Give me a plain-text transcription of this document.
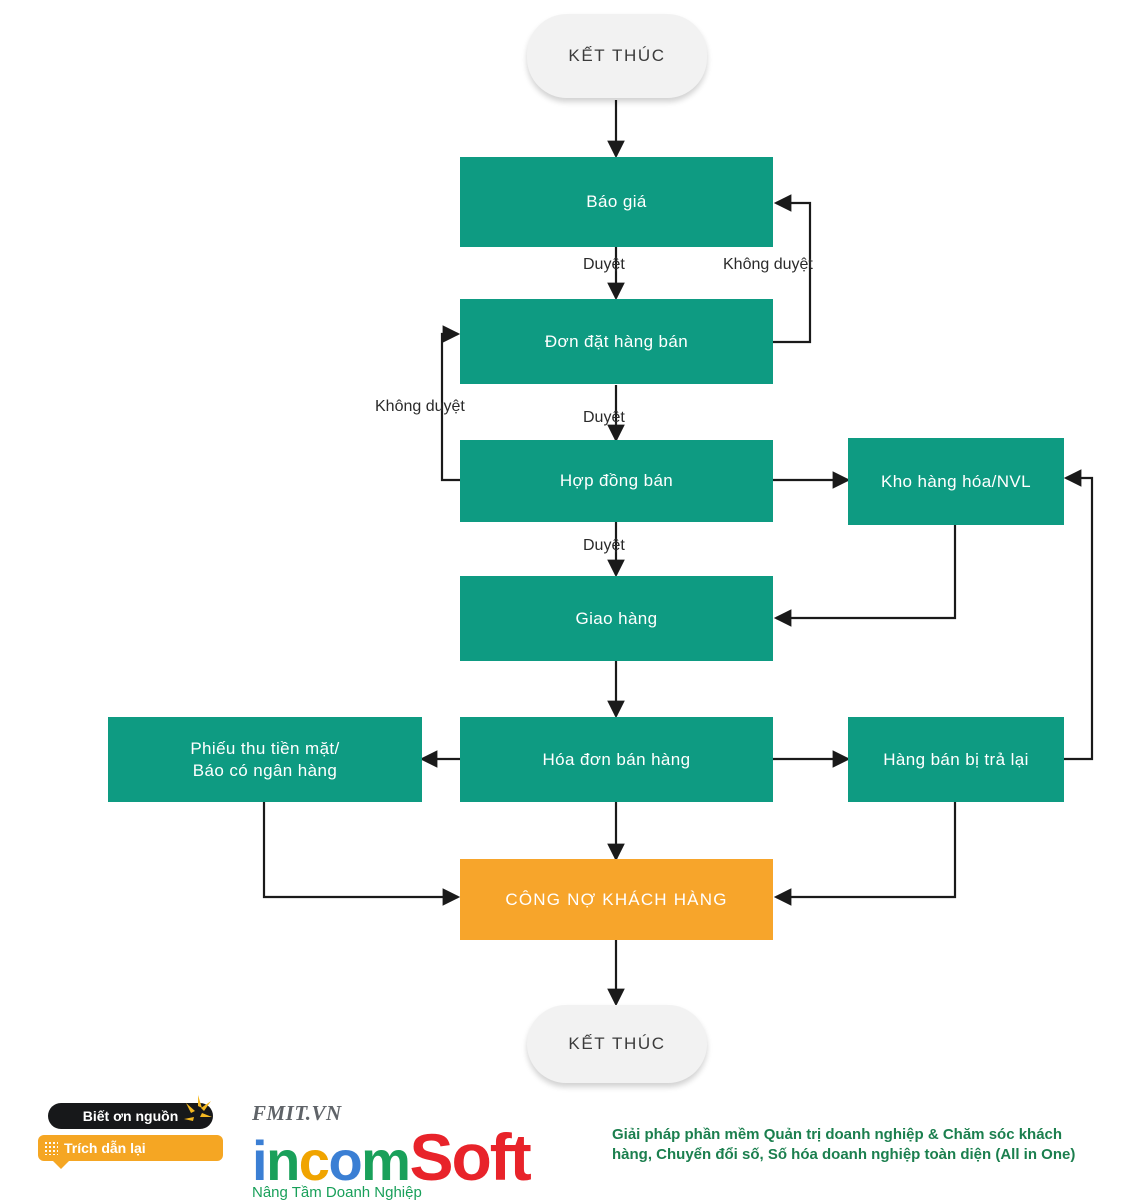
KẾT THÚC
Báo giá
Đơn đặt hàng bán
Hợp đồng bán	Kho hàng hóa/NVL
Giao hàng
Hóa đơn bán hàng
Phiếu thu tiền mặt/
Báo có ngân hàng
Hàng bán bị trả lại
CÔNG NỢ KHÁCH HÀNG
KẾT THÚC
Duyệt	Không duyệt
Duyệt
Không duyệt
Duyệt
Biết ơn nguồn
Trích dẫn lại
FMIT.VN
incomSoft
Nâng Tầm Doanh Nghiệp
Giải pháp phần mềm Quản trị doanh nghiệp & Chăm sóc khách
hàng, Chuyển đổi số, Số hóa doanh nghiệp toàn diện (All in One)
